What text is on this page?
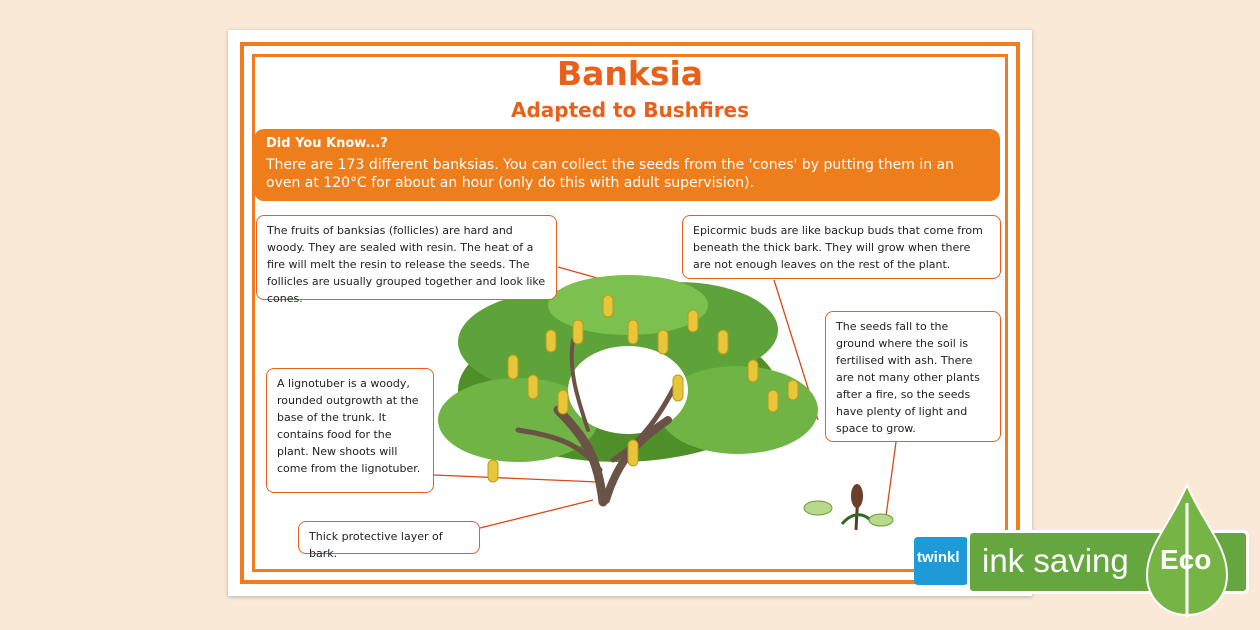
Banksia
Adapted to Bushfires
Did You Know...?
There are 173 different banksias. You can collect the seeds from the 'cones' by putting them in an oven at 120°C for about an hour (only do this with adult supervision).
The fruits of banksias (follicles) are hard and woody. They are sealed with resin. The heat of a fire will melt the resin to release the seeds. The follicles are usually grouped together and look like cones.
Epicormic buds are like backup buds that come from beneath the thick bark. They will grow when there are not enough leaves on the rest of the plant.
The seeds fall to the ground where the soil is fertilised with ash. There are not many other plants after a fire, so the seeds have plenty of light and space to grow.
A lignotuber is a woody, rounded outgrowth at the base of the trunk. It contains food for the plant. New shoots will come from the lignotuber.
Thick protective layer of bark.	twinkl ink saving Eco
